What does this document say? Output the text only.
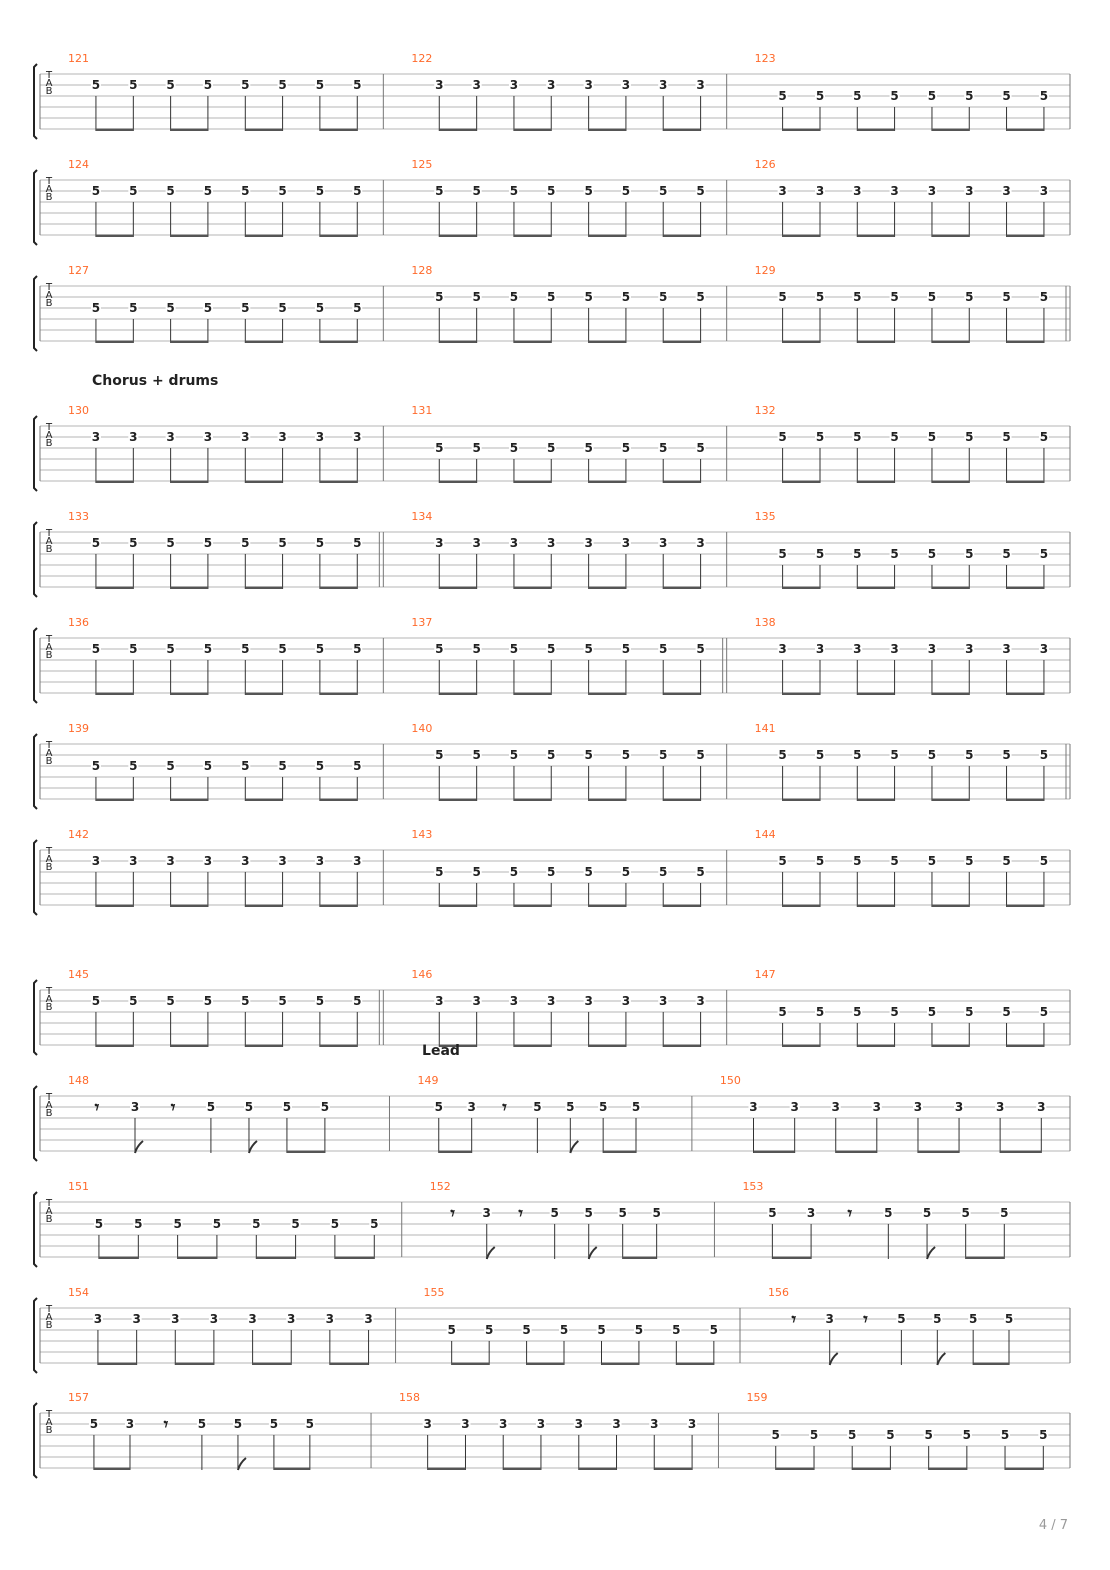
T
A
B
121
5 5 5 5 5 5 5 5
122
3 3 3 3 3 3 3 3
123
5 5 5 5 5 5 5 5
T
A
B
124
5 5 5 5 5 5 5 5
125
5 5 5 5 5 5 5 5
126
3 3 3 3 3 3 3 3
T
A
B
127
5 5 5 5 5 5 5 5
128
5 5 5 5 5 5 5 5
129
5 5 5 5 5 5 5 5
T
A
B
130
3 3 3 3 3 3 3 3
131
5 5 5 5 5 5 5 5
132
5 5 5 5 5 5 5 5
T
A
B
133
5 5 5 5 5 5 5 5
134
3 3 3 3 3 3 3 3
135
5 5 5 5 5 5 5 5
T
A
B
136
5 5 5 5 5 5 5 5
137
5 5 5 5 5 5 5 5
138
3 3 3 3 3 3 3 3
T
A
B
139
5 5 5 5 5 5 5 5
140
5 5 5 5 5 5 5 5
141
5 5 5 5 5 5 5 5
T
A
B
142
3 3 3 3 3 3 3 3
143
5 5 5 5 5 5 5 5
144
5 5 5 5 5 5 5 5
T
A
B
145
5 5 5 5 5 5 5 5
146
3 3 3 3 3 3 3 3
147
5 5 5 5 5 5 5 5
T
A
B
148
𝄾	3 𝄾	5 5 5 5
149
5 3 𝄾 5 5 5 5
150
3	3	3	3	3	3	3	3
T
A
B
151
5	5	5	5	5	5	5	5
152
𝄾 3 𝄾 5 5 5 5
153
5	3 𝄾	5	5	5	5
T
A
B
154
3	3	3	3	3	3	3	3
155
5 5 5 5 5 5 5 5
156
𝄾 3 𝄾 5 5 5 5
T
A
B
157
5 3 𝄾 5 5 5 5
158
3 3 3 3 3 3 3 3
159
5 5 5 5 5 5 5 5
Chorus + drums
Lead
4 / 7
